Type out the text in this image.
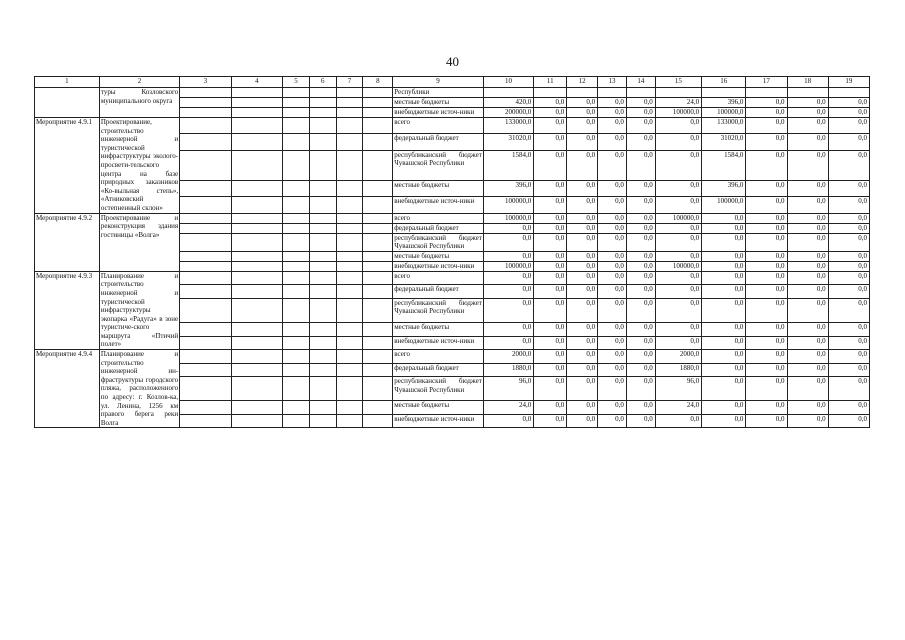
40
1	2	3	4	5	6	7	8	9	10	11	12	13	14	15	16	17	18	19
	туры Козловского муниципального округа							Республики										
								местные бюджеты	420,0	0,0	0,0	0,0	0,0	24,0	396,0	0,0	0,0	0,0
								внебюджетные источ-ники	200000,0	0,0	0,0	0,0	0,0	100000,0	100000,0	0,0	0,0	0,0
Мероприятие 4.9.1	Проектирование, строительство инженерной и туристической инфраструктуры эколого-просвети-тельского центра на базе природных заказников «Ко-выльная степь», «Атниковский остепненный склон»							всего	133000,0	0,0	0,0	0,0	0,0	0,0	133000,0	0,0	0,0	0,0
								федеральный бюджет	31020,0	0,0	0,0	0,0	0,0	0,0	31020,0	0,0	0,0	0,0
								республиканский бюджет Чувашской Республики	1584,0	0,0	0,0	0,0	0,0	0,0	1584,0	0,0	0,0	0,0
								местные бюджеты	396,0	0,0	0,0	0,0	0,0	0,0	396,0	0,0	0,0	0,0
								внебюджетные источ-ники	100000,0	0,0	0,0	0,0	0,0	0,0	100000,0	0,0	0,0	0,0
Мероприятие 4.9.2	Проектирование и реконструкция здания гостиницы «Волга»							всего	100000,0	0,0	0,0	0,0	0,0	100000,0	0,0	0,0	0,0	0,0
								федеральный бюджет	0,0	0,0	0,0	0,0	0,0	0,0	0,0	0,0	0,0	0,0
								республиканский бюджет Чувашской Республики	0,0	0,0	0,0	0,0	0,0	0,0	0,0	0,0	0,0	0,0
								местные бюджеты	0,0	0,0	0,0	0,0	0,0	0,0	0,0	0,0	0,0	0,0
								внебюджетные источ-ники	100000,0	0,0	0,0	0,0	0,0	100000,0	0,0	0,0	0,0	0,0
Мероприятие 4.9.3	Планирование и строительство инженерной и туристической инфраструктуры экопарка «Радуга» в зоне туристиче-ского маршрута «Птичий полет»							всего	0,0	0,0	0,0	0,0	0,0	0,0	0,0	0,0	0,0	0,0
								федеральный бюджет	0,0	0,0	0,0	0,0	0,0	0,0	0,0	0,0	0,0	0,0
								республиканский бюджет Чувашской Республики	0,0	0,0	0,0	0,0	0,0	0,0	0,0	0,0	0,0	0,0
								местные бюджеты	0,0	0,0	0,0	0,0	0,0	0,0	0,0	0,0	0,0	0,0
								внебюджетные источ-ники	0,0	0,0	0,0	0,0	0,0	0,0	0,0	0,0	0,0	0,0
Мероприятие 4.9.4	Планирование и строительство инженерной ин-фраструктуры городского пляжа, расположенного по адресу: г. Козлов-ка, ул. Ленина, 1256 км правого берега реки Волга							всего	2000,0	0,0	0,0	0,0	0,0	2000,0	0,0	0,0	0,0	0,0
								федеральный бюджет	1880,0	0,0	0,0	0,0	0,0	1880,0	0,0	0,0	0,0	0,0
								республиканский бюджет Чувашской Республики	96,0	0,0	0,0	0,0	0,0	96,0	0,0	0,0	0,0	0,0
								местные бюджеты	24,0	0,0	0,0	0,0	0,0	24,0	0,0	0,0	0,0	0,0
								внебюджетные источ-ники	0,0	0,0	0,0	0,0	0,0	0,0	0,0	0,0	0,0	0,0
